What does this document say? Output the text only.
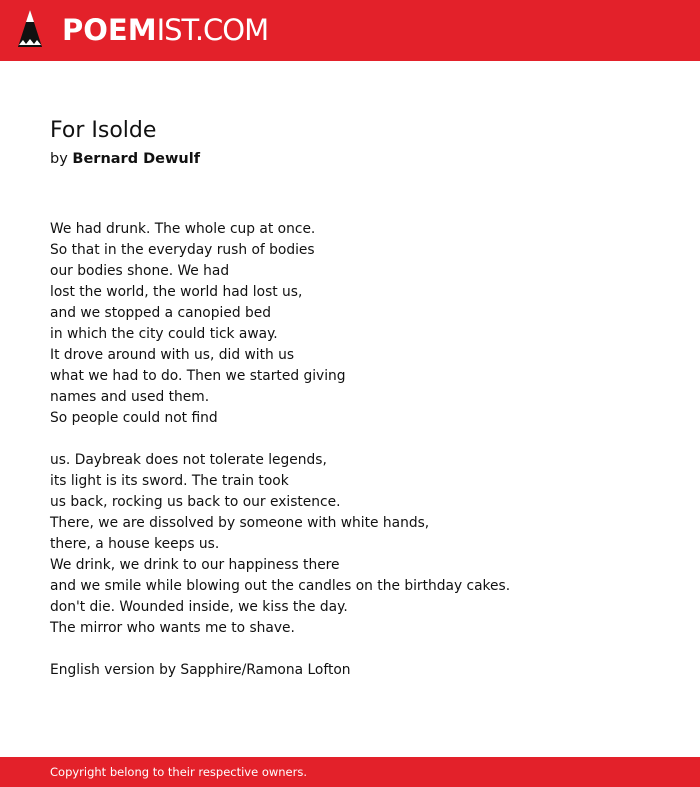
POEMIST.COM
For Isolde
by Bernard Dewulf
We had drunk. The whole cup at once.
So that in the everyday rush of bodies
our bodies shone. We had
lost the world, the world had lost us,
and we stopped a canopied bed
in which the city could tick away.
It drove around with us, did with us
what we had to do. Then we started giving
names and used them.
So people could not find
us. Daybreak does not tolerate legends,
its light is its sword. The train took
us back, rocking us back to our existence.
There, we are dissolved by someone with white hands,
there, a house keeps us.
We drink, we drink to our happiness there
and we smile while blowing out the candles on the birthday cakes.
don't die. Wounded inside, we kiss the day.
The mirror who wants me to shave.
English version by Sapphire/Ramona Lofton
Copyright belong to their respective owners.
